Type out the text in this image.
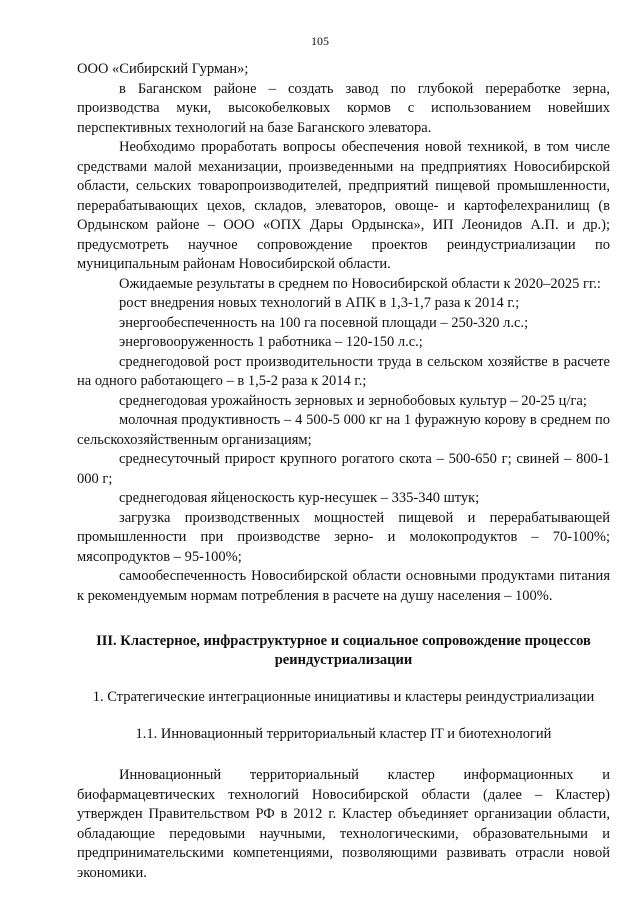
105

ООО «Сибирский Гурман»;

в Баганском районе – создать завод по глубокой переработке зерна, производства муки, высокобелковых кормов с использованием новейших перспективных технологий на базе Баганского элеватора.

Необходимо проработать вопросы обеспечения новой техникой, в том числе средствами малой механизации, произведенными на предприятиях Новосибирской области, сельских товаропроизводителей, предприятий пищевой промышленности, перерабатывающих цехов, складов, элеваторов, овоще- и картофелехранилищ (в Ордынском районе – ООО «ОПХ Дары Ордынска», ИП Леонидов А.П. и др.); предусмотреть научное сопровождение проектов реиндустриализации по муниципальным районам Новосибирской области.

Ожидаемые результаты в среднем по Новосибирской области к 2020–2025 гг.:

рост внедрения новых технологий в АПК в 1,3-1,7 раза к 2014 г.;

энергообеспеченность на 100 га посевной площади – 250-320 л.с.;

энерговооруженность 1 работника – 120-150 л.с.;

среднегодовой рост производительности труда в сельском хозяйстве в расчете на одного работающего – в 1,5-2 раза к 2014 г.;

среднегодовая урожайность зерновых и зернобобовых культур – 20-25 ц/га;

молочная продуктивность – 4 500-5 000 кг на 1 фуражную корову в среднем по сельскохозяйственным организациям;

среднесуточный прирост крупного рогатого скота – 500-650 г; свиней – 800-1 000 г;

среднегодовая яйценоскость кур-несушек – 335-340 штук;

загрузка производственных мощностей пищевой и перерабатывающей промышленности при производстве зерно- и молокопродуктов – 70-100%; мясопродуктов – 95-100%;

самообеспеченность Новосибирской области основными продуктами питания к рекомендуемым нормам потребления в расчете на душу населения – 100%.

III. Кластерное, инфраструктурное и социальное сопровождение процессов реиндустриализации
1. Стратегические интеграционные инициативы и кластеры реиндустриализации
1.1. Инновационный территориальный кластер IT и биотехнологий

Инновационный территориальный кластер информационных и биофармацевтических технологий Новосибирской области (далее – Кластер) утвержден Правительством РФ в 2012 г. Кластер объединяет организации области, обладающие передовыми научными, технологическими, образовательными и предпринимательскими компетенциями, позволяющими развивать отрасли новой экономики.
